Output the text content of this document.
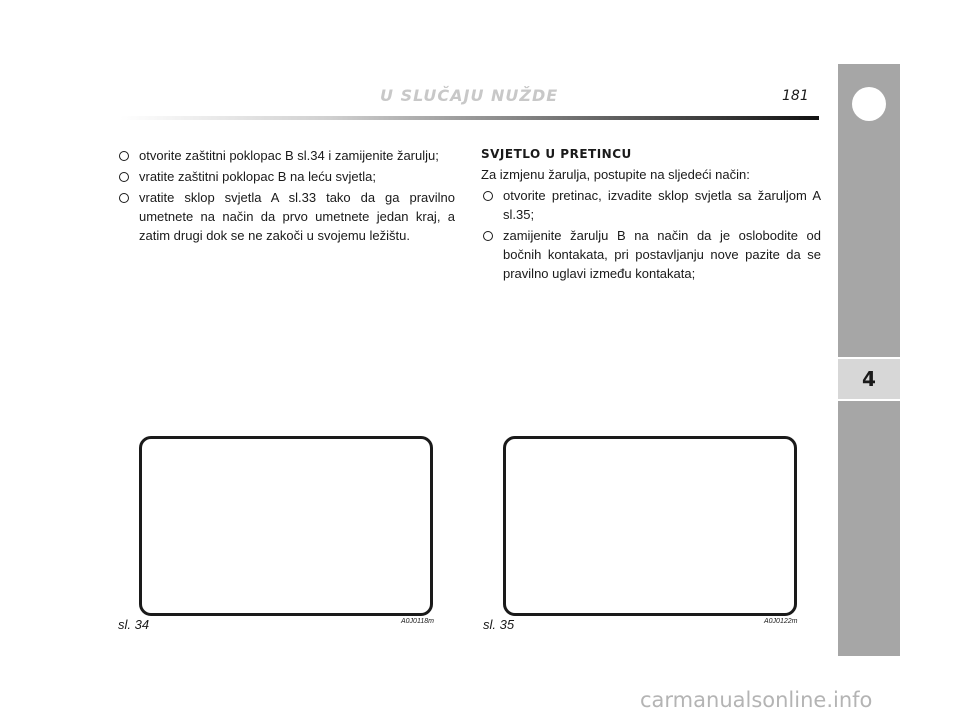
U SLUČAJU NUŽDE	181
4
otvorite zaštitni poklopac B sl.34 i zamijenite žarulju;
vratite zaštitni poklopac B na leću svjetla;
vratite sklop svjetla A sl.33 tako da ga pravilno umetnete na način da prvo umetnete jedan kraj, a zatim drugi dok se ne zakoči u svojemu ležištu.
SVJETLO U PRETINCU
Za izmjenu žarulja, postupite na sljedeći način:
otvorite pretinac, izvadite sklop svjetla sa žaruljom A sl.35;
zamijenite žarulju B na način da je oslobodite od bočnih kontakata, pri postavljanju nove pazite da se pravilno uglavi između kontakata;
sl. 34	A0J0118m	sl. 35	A0J0122m
carmanualsonline.info
